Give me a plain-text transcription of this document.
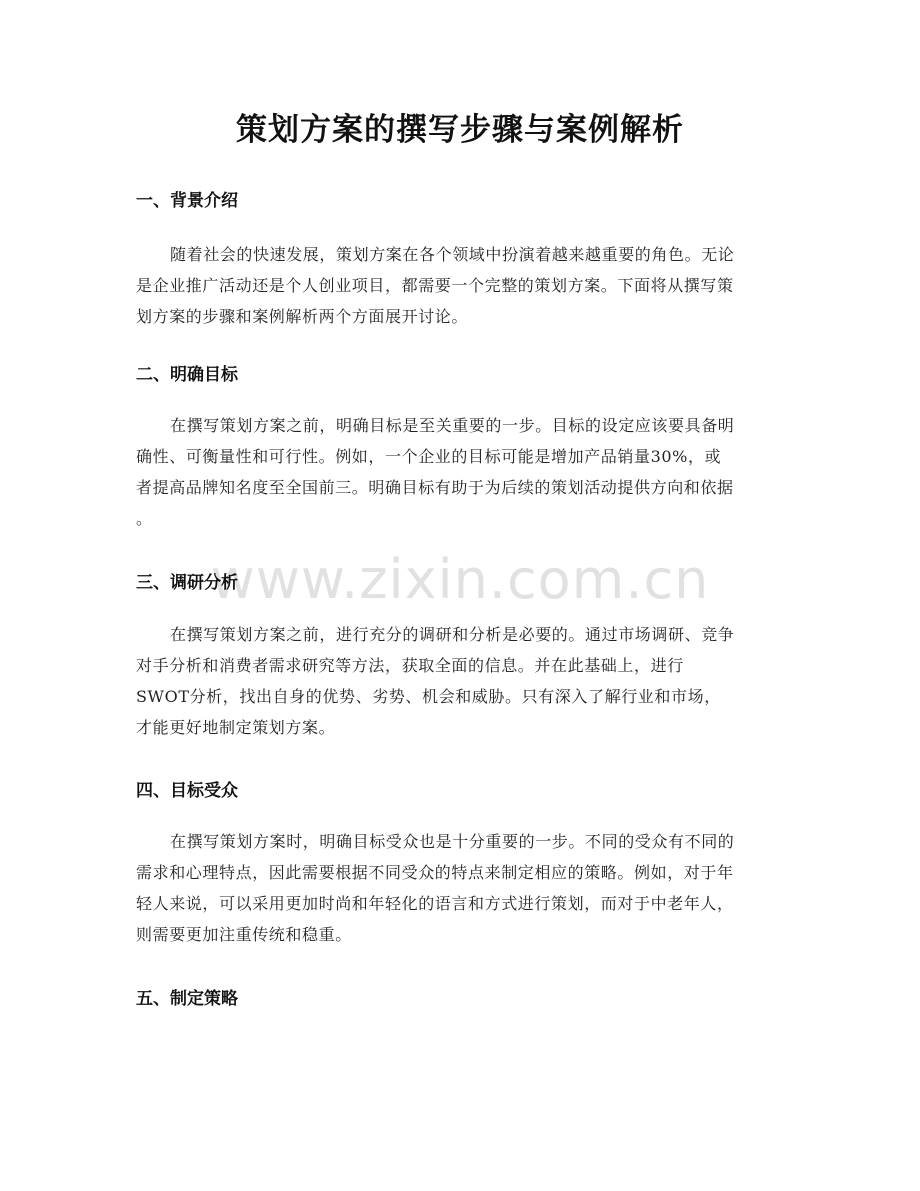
策划方案的撰写步骤与案例解析
一、背景介绍
随着社会的快速发展，策划方案在各个领域中扮演着越来越重要的角色。无论
是企业推广活动还是个人创业项目，都需要一个完整的策划方案。下面将从撰写策
划方案的步骤和案例解析两个方面展开讨论。
二、明确目标
在撰写策划方案之前，明确目标是至关重要的一步。目标的设定应该要具备明
确性、可衡量性和可行性。例如，一个企业的目标可能是增加产品销量30%，或
者提高品牌知名度至全国前三。明确目标有助于为后续的策划活动提供方向和依据
。
www.zixin.com.cn
三、调研分析
在撰写策划方案之前，进行充分的调研和分析是必要的。通过市场调研、竞争
对手分析和消费者需求研究等方法，获取全面的信息。并在此基础上，进行
SWOT分析，找出自身的优势、劣势、机会和威胁。只有深入了解行业和市场，
才能更好地制定策划方案。
四、目标受众
在撰写策划方案时，明确目标受众也是十分重要的一步。不同的受众有不同的
需求和心理特点，因此需要根据不同受众的特点来制定相应的策略。例如，对于年
轻人来说，可以采用更加时尚和年轻化的语言和方式进行策划，而对于中老年人，
则需要更加注重传统和稳重。
五、制定策略
